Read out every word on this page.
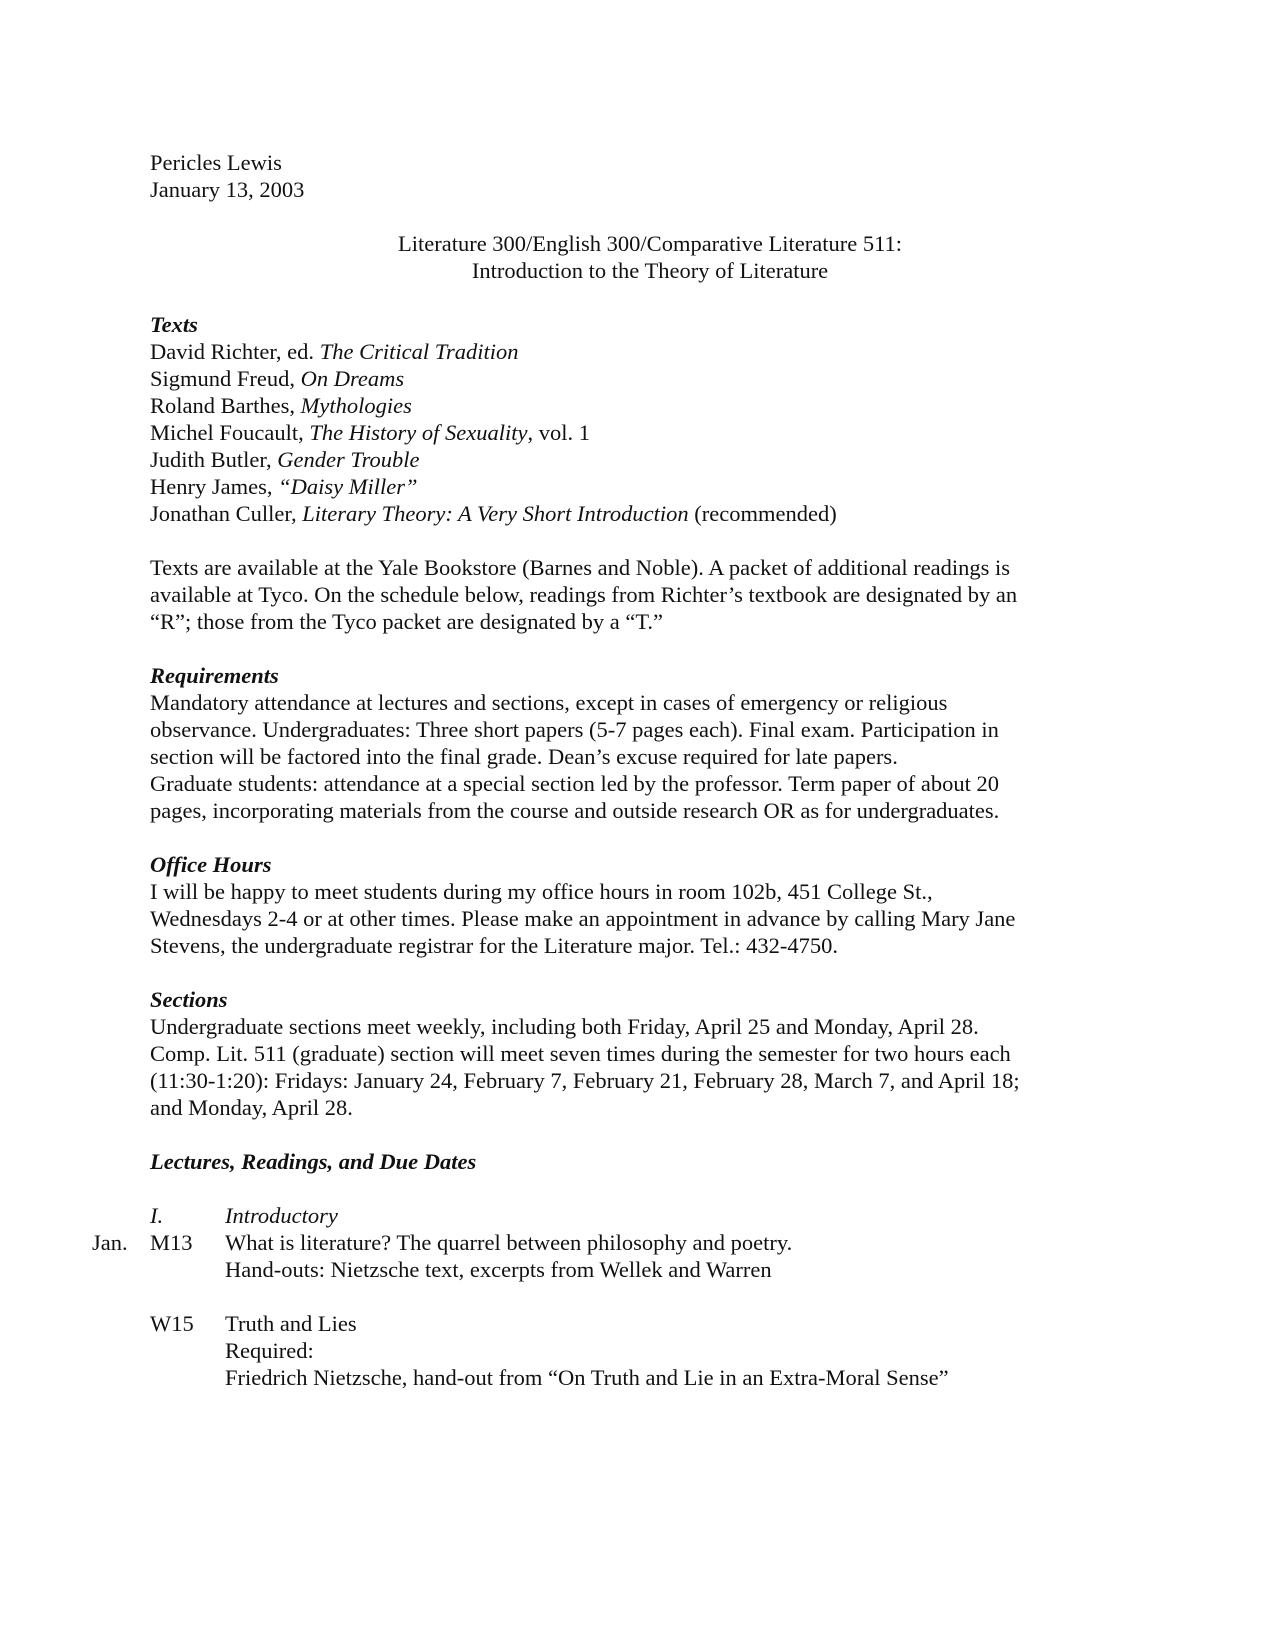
Pericles Lewis
January 13, 2003
Literature 300/English 300/Comparative Literature 511:
Introduction to the Theory of Literature
Texts
David Richter, ed. The Critical Tradition
Sigmund Freud, On Dreams
Roland Barthes, Mythologies
Michel Foucault, The History of Sexuality, vol. 1
Judith Butler, Gender Trouble
Henry James, “Daisy Miller”
Jonathan Culler, Literary Theory: A Very Short Introduction (recommended)
Texts are available at the Yale Bookstore (Barnes and Noble). A packet of additional readings is
available at Tyco. On the schedule below, readings from Richter’s textbook are designated by an
“R”; those from the Tyco packet are designated by a “T.”
Requirements
Mandatory attendance at lectures and sections, except in cases of emergency or religious
observance. Undergraduates: Three short papers (5-7 pages each). Final exam. Participation in
section will be factored into the final grade. Dean’s excuse required for late papers.
Graduate students: attendance at a special section led by the professor. Term paper of about 20
pages, incorporating materials from the course and outside research OR as for undergraduates.
Office Hours
I will be happy to meet students during my office hours in room 102b, 451 College St.,
Wednesdays 2-4 or at other times. Please make an appointment in advance by calling Mary Jane
Stevens, the undergraduate registrar for the Literature major. Tel.: 432-4750.
Sections
Undergraduate sections meet weekly, including both Friday, April 25 and Monday, April 28.
Comp. Lit. 511 (graduate) section will meet seven times during the semester for two hours each
(11:30-1:20): Fridays: January 24, February 7, February 21, February 28, March 7, and April 18;
and Monday, April 28.
Lectures, Readings, and Due Dates
I.	Introductory
Jan. M13 What is literature? The quarrel between philosophy and poetry.
Hand-outs: Nietzsche text, excerpts from Wellek and Warren
W15 Truth and Lies
Required:
Friedrich Nietzsche, hand-out from “On Truth and Lie in an Extra-Moral Sense”
